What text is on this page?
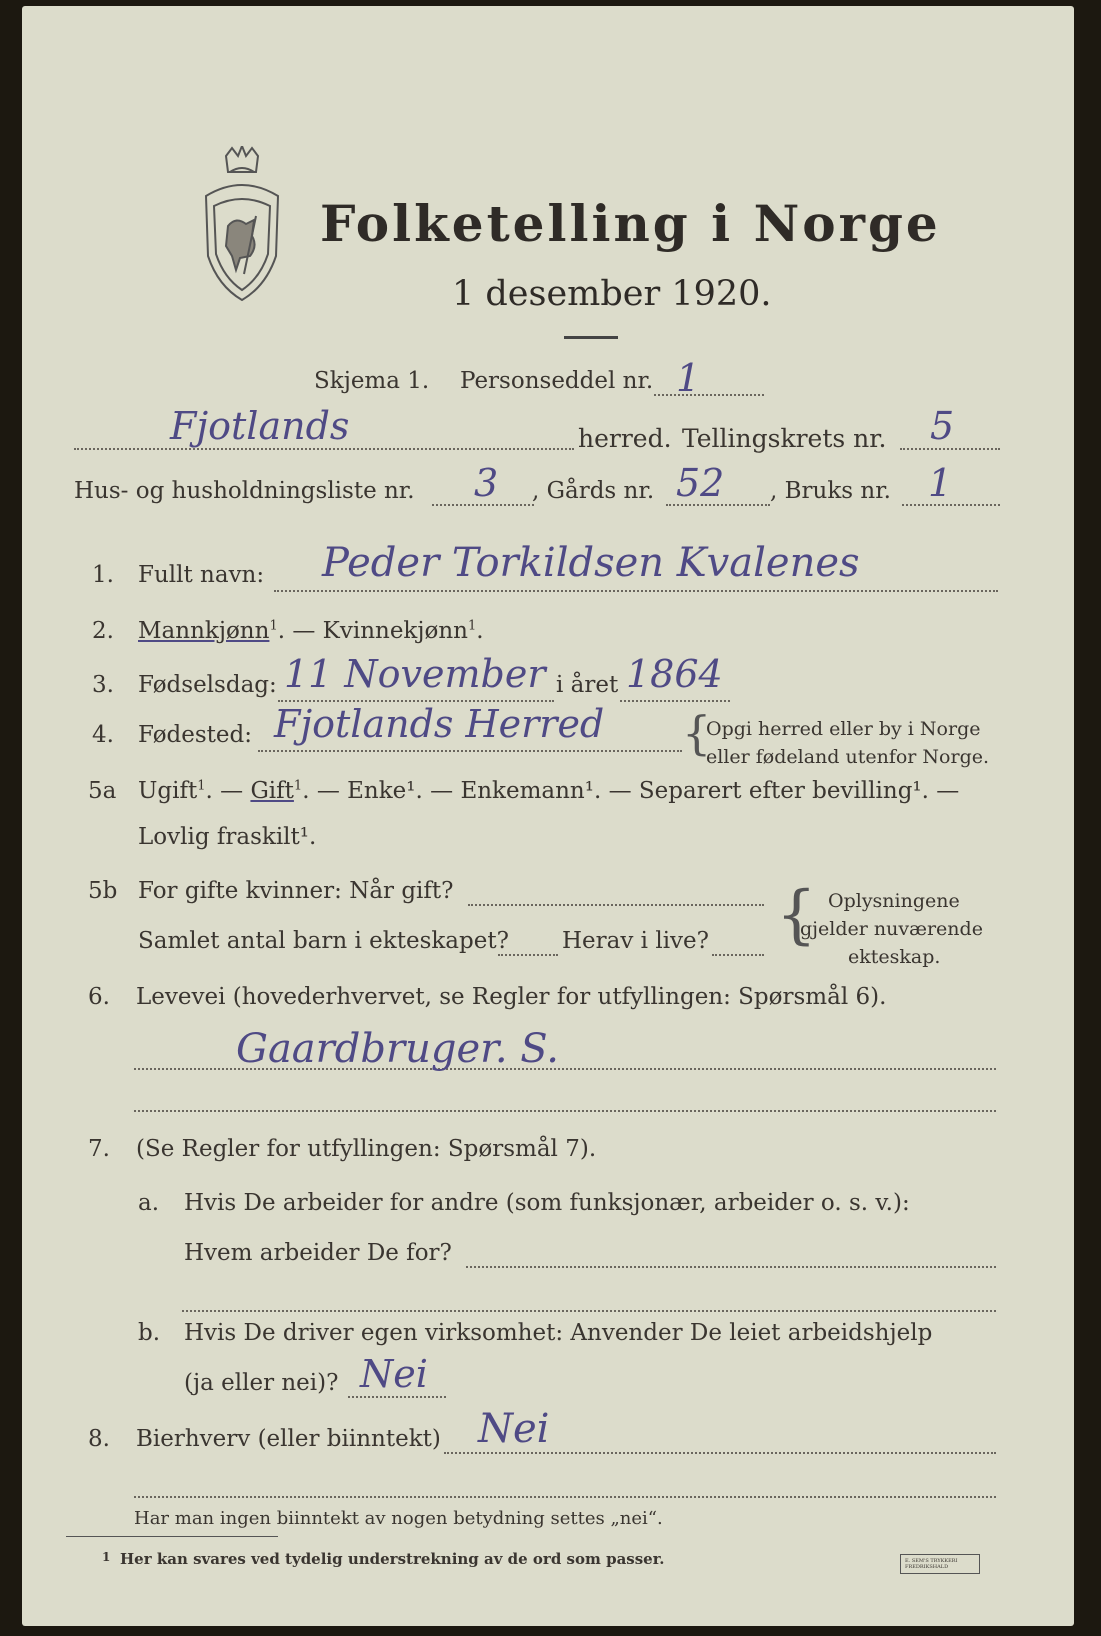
Folketelling i Norge
1 desember 1920.
Skjema 1. Personseddel nr. 1
Fjotlands	herred. Tellingskrets nr. 5
Hus- og husholdningsliste nr. 3 , Gårds nr. 52 , Bruks nr. 1
1. Fullt navn: Peder Torkildsen Kvalenes
2. Mannkjønn$^1$. — Kvinnekjønn$^1$.
3. Fødselsdag: 11 November i året 1864
4. Fødested: Fjotlands Herred {
Opgi herred eller by i Norge
eller fødeland utenfor Norge.
5a Ugift$^1$. — Gift$^1$. — Enke¹. — Enkemann¹. — Separert efter bevilling¹. —
Lovlig fraskilt¹.
5b For gifte kvinner: Når gift?
Samlet antal barn i ekteskapet? Herav i live? { Oplysningene
gjelder nuværende
ekteskap.
6. Levevei (hovederhvervet, se Regler for utfyllingen: Spørsmål 6).
Gaardbruger. S.
7. (Se Regler for utfyllingen: Spørsmål 7).
a. Hvis De arbeider for andre (som funksjonær, arbeider o. s. v.):
Hvem arbeider De for?
b. Hvis De driver egen virksomhet: Anvender De leiet arbeidshjelp
(ja eller nei)? Nei
8. Bierhverv (eller biinntekt) Nei
Har man ingen biinntekt av nogen betydning settes „nei“.
1 Her kan svares ved tydelig understrekning av de ord som passer.	E. SEM'S TRYKKERI FREDRIKSHALD
